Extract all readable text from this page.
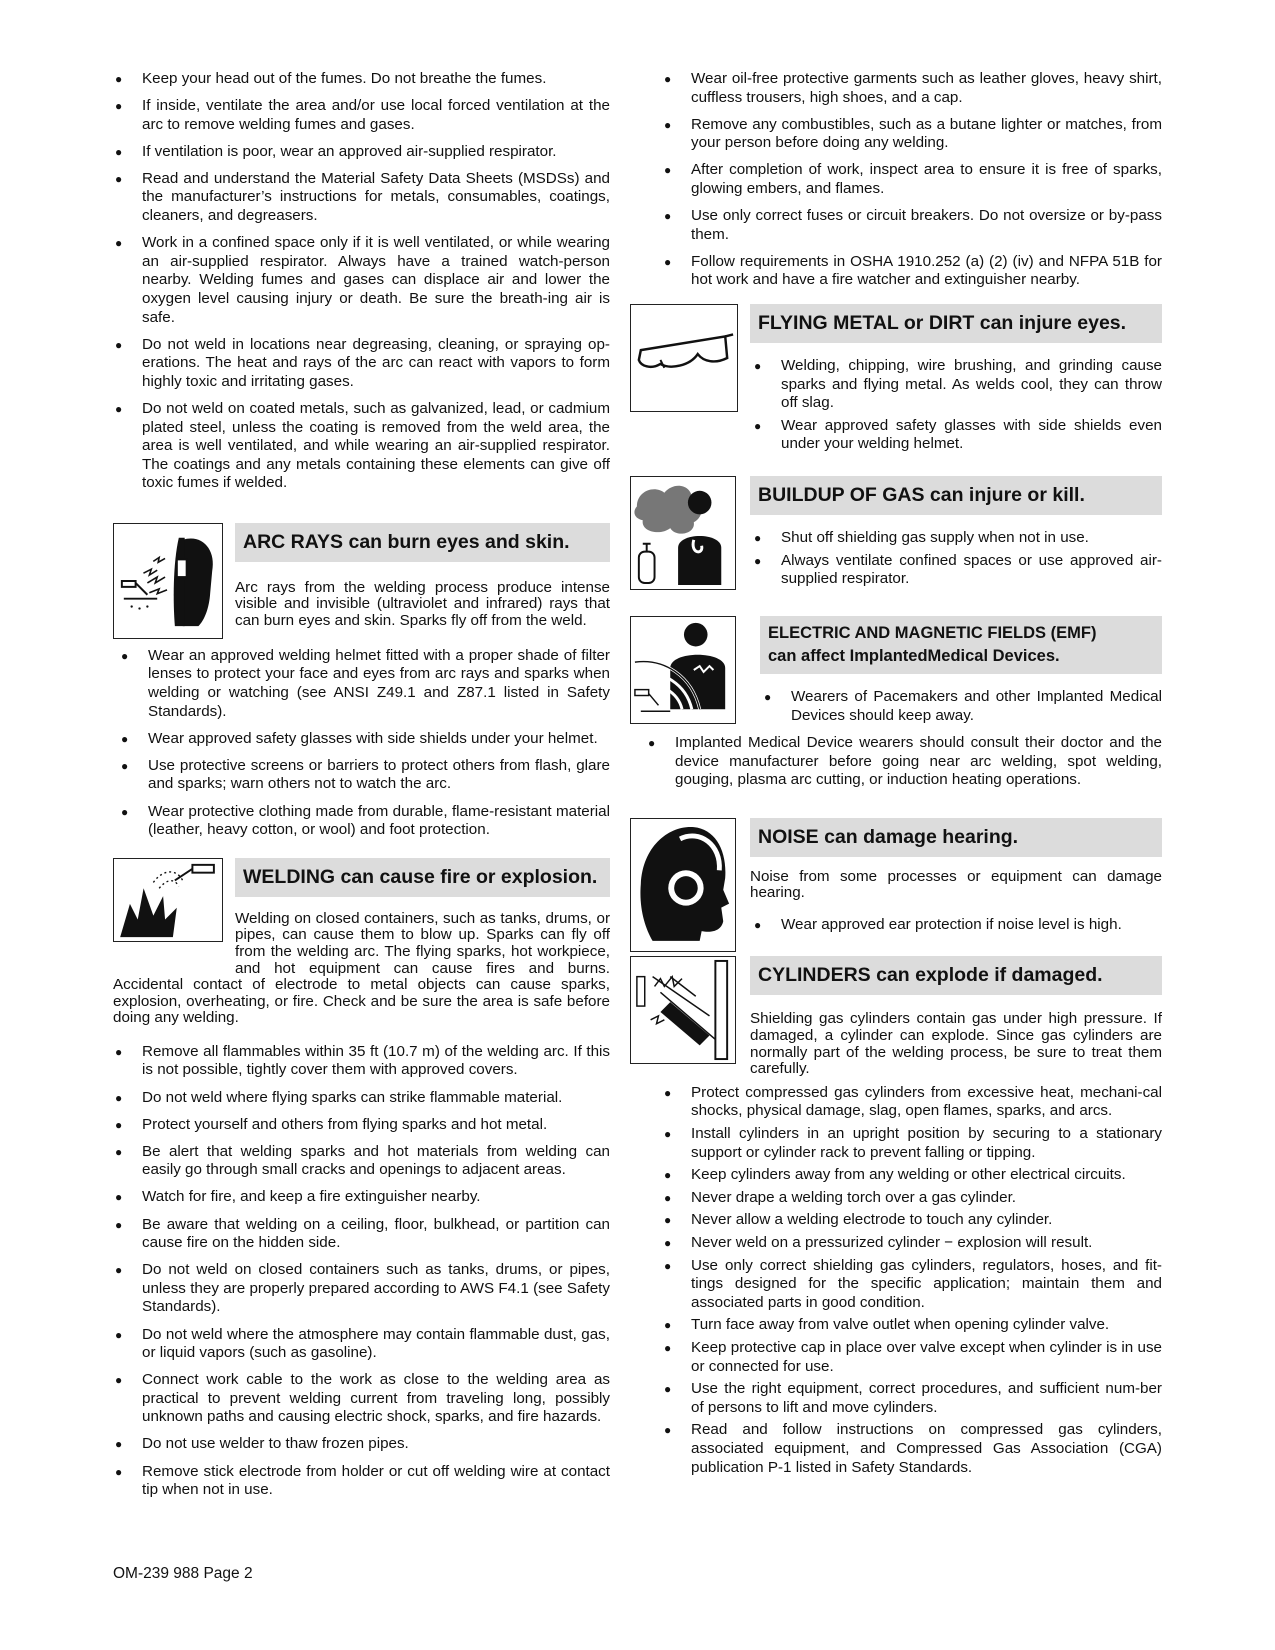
● Keep your head out of the fumes. Do not breathe the fumes.
● If inside, ventilate the area and/or use local forced ventilation at the arc to remove welding fumes and gases.
● If ventilation is poor, wear an approved air-supplied respirator.
● Read and understand the Material Safety Data Sheets (MSDSs) and the manufacturer’s instructions for metals, consumables, coatings, cleaners, and degreasers.
● Work in a confined space only if it is well ventilated, or while wearing an air-supplied respirator. Always have a trained watch-person nearby. Welding fumes and gases can displace air and lower the oxygen level causing injury or death. Be sure the breath-ing air is safe.
● Do not weld in locations near degreasing, cleaning, or spraying op-erations. The heat and rays of the arc can react with vapors to form highly toxic and irritating gases.
● Do not weld on coated metals, such as galvanized, lead, or cadmium plated steel, unless the coating is removed from the weld area, the area is well ventilated, and while wearing an air-supplied respirator. The coatings and any metals containing these elements can give off toxic fumes if welded.
ARC RAYS can burn eyes and skin.
Arc rays from the welding process produce intense visible and invisible (ultraviolet and infrared) rays that can burn eyes and skin. Sparks fly off from the weld.
● Wear an approved welding helmet fitted with a proper shade of filter lenses to protect your face and eyes from arc rays and sparks when welding or watching (see ANSI Z49.1 and Z87.1 listed in Safety Standards).
● Wear approved safety glasses with side shields under your helmet.
● Use protective screens or barriers to protect others from flash, glare and sparks; warn others not to watch the arc.
● Wear protective clothing made from durable, flame-resistant material (leather, heavy cotton, or wool) and foot protection.
WELDING can cause fire or explosion.
Welding on closed containers, such as tanks, drums, or pipes, can cause them to blow up. Sparks can fly off from the welding arc. The flying sparks, hot workpiece, and hot equipment can cause fires and burns. Accidental contact of electrode to metal objects can cause sparks, explosion, overheating, or fire. Check and be sure the area is safe before doing any welding.
● Remove all flammables within 35 ft (10.7 m) of the welding arc. If this is not possible, tightly cover them with approved covers.
● Do not weld where flying sparks can strike flammable material.
● Protect yourself and others from flying sparks and hot metal.
● Be alert that welding sparks and hot materials from welding can easily go through small cracks and openings to adjacent areas.
● Watch for fire, and keep a fire extinguisher nearby.
● Be aware that welding on a ceiling, floor, bulkhead, or partition can cause fire on the hidden side.
● Do not weld on closed containers such as tanks, drums, or pipes, unless they are properly prepared according to AWS F4.1 (see Safety Standards).
● Do not weld where the atmosphere may contain flammable dust, gas, or liquid vapors (such as gasoline).
● Connect work cable to the work as close to the welding area as practical to prevent welding current from traveling long, possibly unknown paths and causing electric shock, sparks, and fire hazards.
● Do not use welder to thaw frozen pipes.
● Remove stick electrode from holder or cut off welding wire at contact tip when not in use.
● Wear oil-free protective garments such as leather gloves, heavy shirt, cuffless trousers, high shoes, and a cap.
● Remove any combustibles, such as a butane lighter or matches, from your person before doing any welding.
● After completion of work, inspect area to ensure it is free of sparks, glowing embers, and flames.
● Use only correct fuses or circuit breakers. Do not oversize or by-pass them.
● Follow requirements in OSHA 1910.252 (a) (2) (iv) and NFPA 51B for hot work and have a fire watcher and extinguisher nearby.
FLYING METAL or DIRT can injure eyes.
● Welding, chipping, wire brushing, and grinding cause sparks and flying metal. As welds cool, they can throw off slag.
● Wear approved safety glasses with side shields even under your welding helmet.
BUILDUP OF GAS can injure or kill.
● Shut off shielding gas supply when not in use.
● Always ventilate confined spaces or use approved air-supplied respirator.
ELECTRIC AND MAGNETIC FIELDS (EMF)
can affect ImplantedMedical Devices.
● Wearers of Pacemakers and other Implanted Medical Devices should keep away.
● Implanted Medical Device wearers should consult their doctor and the device manufacturer before going near arc welding, spot welding, gouging, plasma arc cutting, or induction heating operations.
NOISE can damage hearing.
Noise from some processes or equipment can damage hearing.
● Wear approved ear protection if noise level is high.
CYLINDERS can explode if damaged.
Shielding gas cylinders contain gas under high pressure. If damaged, a cylinder can explode. Since gas cylinders are normally part of the welding process, be sure to treat them carefully.
● Protect compressed gas cylinders from excessive heat, mechani-cal shocks, physical damage, slag, open flames, sparks, and arcs.
● Install cylinders in an upright position by securing to a stationary support or cylinder rack to prevent falling or tipping.
● Keep cylinders away from any welding or other electrical circuits.
● Never drape a welding torch over a gas cylinder.
● Never allow a welding electrode to touch any cylinder.
● Never weld on a pressurized cylinder − explosion will result.
● Use only correct shielding gas cylinders, regulators, hoses, and fit-tings designed for the specific application; maintain them and associated parts in good condition.
● Turn face away from valve outlet when opening cylinder valve.
● Keep protective cap in place over valve except when cylinder is in use or connected for use.
● Use the right equipment, correct procedures, and sufficient num-ber of persons to lift and move cylinders.
● Read and follow instructions on compressed gas cylinders, associated equipment, and Compressed Gas Association (CGA) publication P-1 listed in Safety Standards.
OM-239 988 Page 2
